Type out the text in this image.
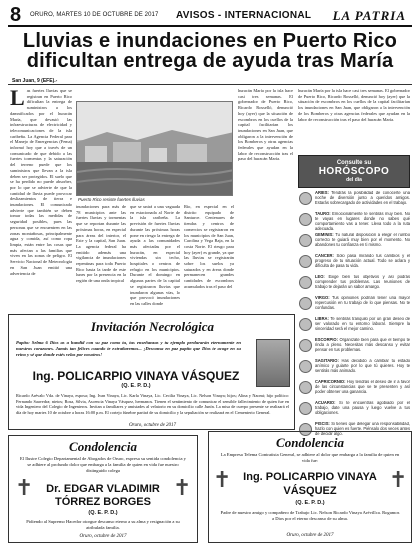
8 ORURO, MARTES 10 DE OCTUBRE DE 2017 AVISOS - INTERNACIONAL LA PATRIA
Lluvias e inundaciones en Puerto Rico
dificultan entrega de ayuda tras María
San Juan, 9 (EFE).-
Las fuertes lluvias que se registran en Puerto Rico dificultan la entrega de suministros a los damnificados por el huracán María, que devastó las infraestructuras de electricidad y telecomunicaciones de la isla caribeña. La Agencia Federal para el Manejo de Emergencias (Fema) informó hoy que a través de un comunicado de que debido a las fuertes tormentas y la saturación del terreno puede que los suministros que llevan a la isla deben ser protegidos. El suelo que se ha perdido no puede absorber, por lo que se advierte de que la cantidad de lluvia puede provocar deslizamientos de tierra e inundaciones. El comunicado advierte que también se deben tomar todas las medidas de seguridad posibles, pues las personas que se encuentren en las zonas montañosas, principalmente agua y comida, así como ropa limpia, están entre las cosas que más afectan a las familias que viven en las zonas de peligro. El Servicio Nacional de Meteorología en San Juan emitió una advertencia de
Puerto Rico resiste fuertes lluvias
inundaciones para más de 78 municipios ante las fuertes lluvias y tormentas que se reportan durante las próximas horas, en especial para áreas del interior, el Este y la capital, San Juan. La agencia federal ha emitido además una vigilancia de inundaciones repentinas para toda Puerto Rico hasta la tarde de este lunes por la presencia en la región de una onda tropical
que se unirá a una vaguada en estacionada al Norte de la isla caribeña. La previsión de fuertes lluvias durante las próximas horas pone en riesgo la entrega de ayuda a las comunidades más afectadas por el huracán, en especial viviendas sin techo, hospitales o centros de refugio en los municipios. Durante el domingo en algunas partes de la capital se registraron lluvias que inundaron algunas vías, lo que provocó inundaciones en las calles donde
Río, en especial en el distrito equipado de Santurce. Centenares de tiendas y centros de comercios se registraron en los municipios de San Juan, Carolina y Vega Baja, en la costa Norte. El riesgo para hoy (ayer) es grande, ya que las lluvias se registrarán sobre los suelos ya saturados y en áreas donde permanecen grandes cantidades de escombros acumulados tras el paso del
huracán María por la isla hace casi tres semanas. El gobernador de Puerto Rico, Ricardo Rosselló, denunció hoy (ayer) que la situación de escombros en los cuellos de la capital facilitarían los inundaciones en San Juan, que obligaron a la intervención de los Bomberos y otras agencias federales que ayudan en la labor de reconstrucción tras el paso del huracán María.
huracán María por la isla hace casi tres semanas. El gobernador de Puerto Rico, Ricardo Rosselló, denunció hoy (ayer) que la situación de escombros en los cuellos de la capital facilitarían los inundaciones en San Juan, que obligaron a la intervención de los Bomberos y otras agencias federales que ayudan en la labor de reconstrucción tras el paso del huracán María.
Consulte su
HORÓSCOPO
del día
ARIES: Tendrás la posibilidad de conocerte una noche de diversión junto a queridos amigos. Estarás sobrecargado de actividades en el trabajo.
TAURO: Emocionalmente te sentirás muy bien. No te vayas en lugares donde no sabes qué comportamiento vas a tener. Lleva todo a la ruta adecuada.
GÉMINIS: Tu natural disposición a elegir el rumbo correcto te guiará muy bien por el momento. No abandones tu confianza en ti mismo.
CÁNCER: Sólo pasa mirando tus cambios y el progreso de tu situación actual. Todo se aclara y dificulta de pasa tu vida.
LEO: Exige bien tus objetivos y así podrás comprender tus problemas. Las reuniones de trabajo te dejarán un sabor amargo.
VIRGO: Tus opiniones podrían tener una mayor repercusión en tu trabajo de lo que piensas. No te confundas.
LIBRA: Te sentirás tranquilo por un gran deseo de ser valorado en tu entorno laboral. Siempre la sinceridad será el mejor camino.
ESCORPIO: Organízate bien para que el tiempo te rinda a pleno. Necesitas más descanso y evitar pensar en tus problemas.
SAGITARIO: Has decidido a cambiar tu estado anímico y guiarte por lo que tú quieres. Hoy te sentirás más animado.
CAPRICORNIO: Hoy tendrás el deseo de ir a favor de las circunstancias que se te presenten y así poder obtener una ganancia.
ACUARIO: Si te encuentras agobiado por el trabajo, date una pausa y luego vuelve a tus obligaciones.
PISCIS: Si tienes que delegar una responsabilidad, hazlo con quien es fuerte. Piénsalo dos veces antes de decidir algo.
Invitación Necrológica
Papito: Selma 6 Dios as a hundid con su paz como tu, tus enseñanzas y tu ejemplo perdurarán eternamente en nuestros corazones. Jamás tan felices cuando te extrañaremos... ¡Descansa en paz papito que Dios te acoge en su reino y sé que donde estés velas por nosotros!
Ing. POLICARPIO VINAYA VÁSQUEZ
(Q. E. P. D.)
Ricardo Arévalo Vda. de Vinaya, esposa; Ing. Ivan Vinaya, Lic. Karla Vinaya, Lic. Cecilia Vinaya, Lic. Nelson Vinaya; hijos; Alina y Naomi; hijo político: Fernando Saavedra; nietos; Rosa, Silvia, Ascencia Vinaya Vásquez, hermanos. Tienen el sentimiento de comunicar el sensible fallecimiento de quien fue en vida Ingeniero del Colegio de Ingenieros. Invitan a familiares y amistades al velatorio en su domicilio calle Junín. La misa de cuerpo presente se realizará el día de hoy martes 10 de octubre a horas 16:00 p.m. El cortejo fúnebre partirá de su domicilio y la sepultación se realizará en el Cementerio General.
Oruro, octubre de 2017
Condolencia
El Ilustre Colegio Departamental de Abogados de Oruro, expresa su sentida condolencia y se adhiere al profundo dolor que embarga a la familia de quien en vida fue nuestro distinguido colega
Dr. EDGAR VLADIMIR
TÓRREZ BORGES
(Q. E. P. D.)
Pidiendo al Supremo Hacedor otorgue descanso eterno a su alma y resignación a su atribulada familia.
Oruro, octubre de 2017
✝	✝
Condolencia
La Empresa Telema Contratista General, se adhiere al dolor que embarga a la familia de quien en vida fue:
Ing. POLICARPIO VINAYA
VÁSQUEZ
(Q. E. P. D.)
Padre de nuestro amigo y compañero de Trabajo Lic. Nelson Ricardo Vinaya Arévillca. Rogamos a Dios por el eterno descanso de su alma.
Oruro, octubre de 2017
✝	✝
